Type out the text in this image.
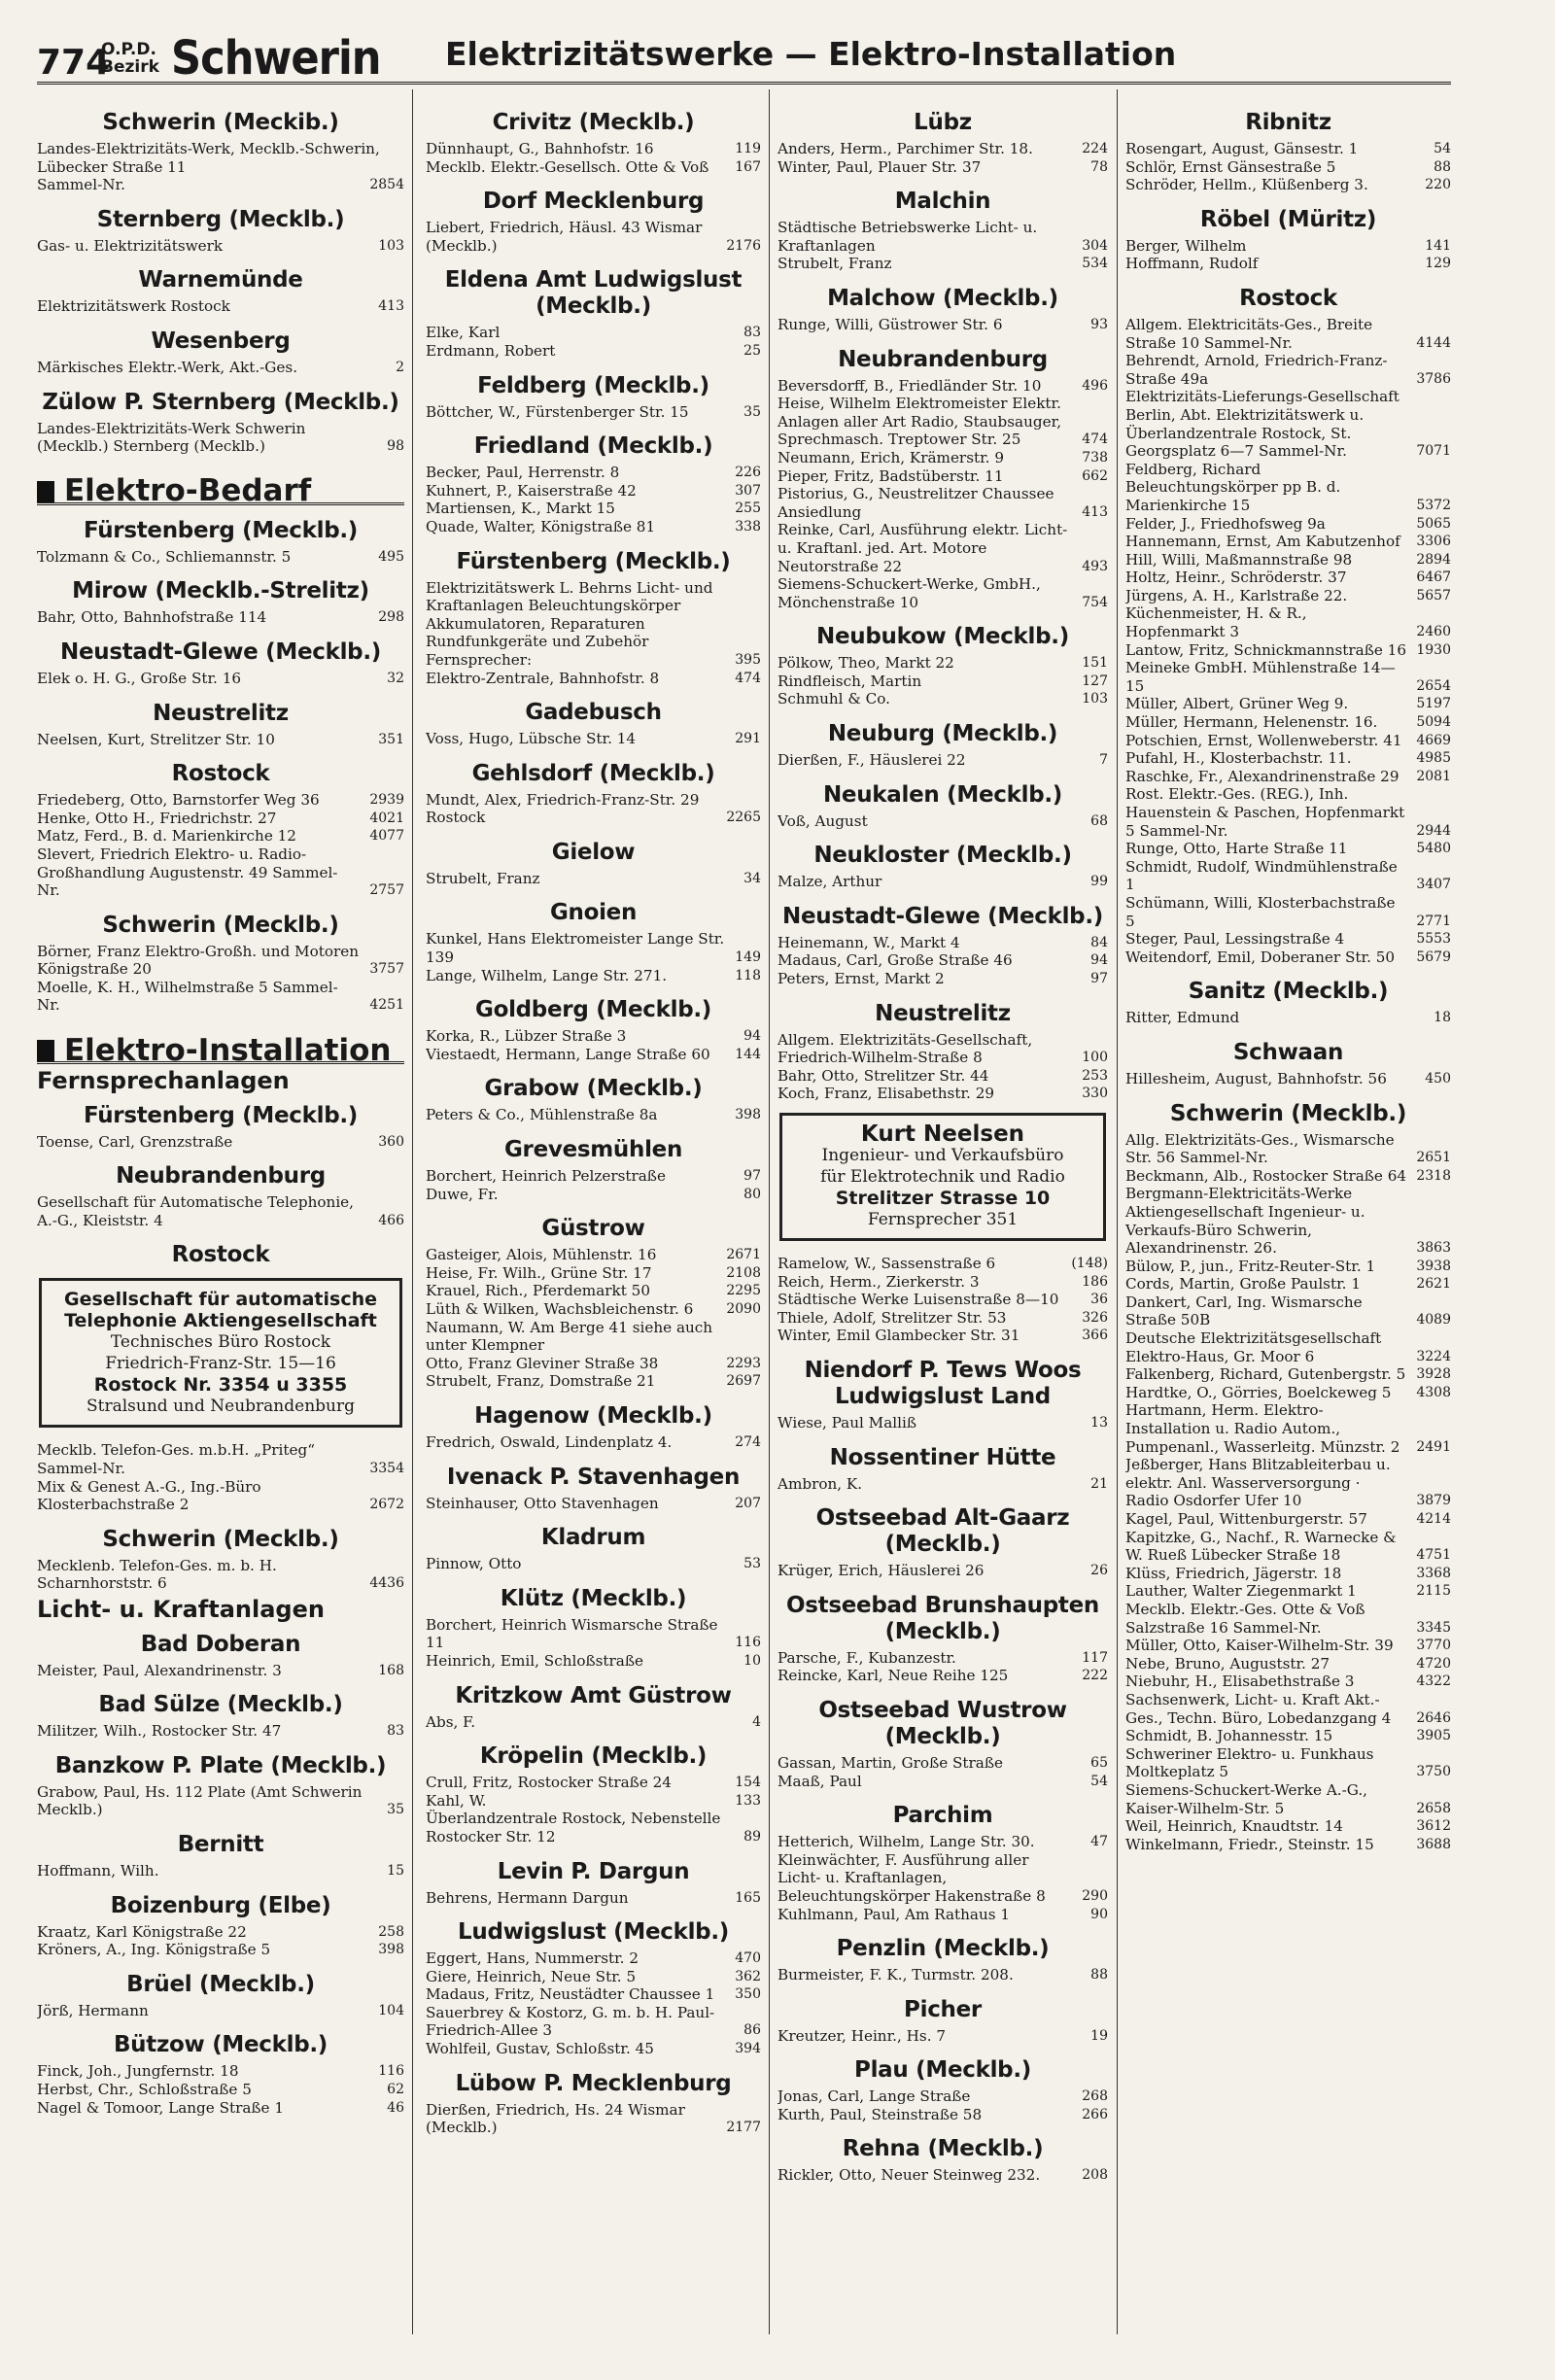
774
O.P.D.
Bezirk Schwerin Elektrizitätswerke — Elektro-Installation
Schwerin (Meckib.)
Landes-Elektrizitäts-Werk, Mecklb.-Schwerin, Lübecker Straße 11
Sammel-Nr.	2854
Sternberg (Mecklb.)
Gas- u. Elektrizitätswerk	103
Warnemünde
Elektrizitätswerk Rostock	413
Wesenberg
Märkisches Elektr.-Werk, Akt.-Ges.	2
Zülow P. Sternberg (Mecklb.)
Landes-Elektrizitäts-Werk Schwerin (Mecklb.) Sternberg (Mecklb.)	98
Elektro-Bedarf
Fürstenberg (Mecklb.)
Tolzmann & Co., Schliemannstr. 5	495
Mirow (Mecklb.-Strelitz)
Bahr, Otto, Bahnhofstraße 114	298
Neustadt-Glewe (Mecklb.)
Elek o. H. G., Große Str. 16	32
Neustrelitz
Neelsen, Kurt, Strelitzer Str. 10	351
Rostock
Friedeberg, Otto, Barnstorfer Weg 36	2939
Henke, Otto H., Friedrichstr. 27	4021
Matz, Ferd., B. d. Marienkirche 12	4077
Slevert, Friedrich Elektro- u. Radio-Großhandlung Augustenstr. 49 Sammel-Nr.	2757
Schwerin (Mecklb.)
Börner, Franz Elektro-Großh. und Motoren Königstraße 20	3757
Moelle, K. H., Wilhelmstraße 5 Sammel-Nr.	4251
Elektro-Installation
Fernsprechanlagen
Fürstenberg (Mecklb.)
Toense, Carl, Grenzstraße	360
Neubrandenburg
Gesellschaft für Automatische Telephonie, A.-G., Kleiststr. 4	466
Rostock
Gesellschaft für automatische
Telephonie Aktiengesellschaft
Technisches Büro Rostock
Friedrich-Franz-Str. 15—16
Rostock Nr. 3354 u 3355
Stralsund und Neubrandenburg
Mecklb. Telefon-Ges. m.b.H. „Priteg“ Sammel-Nr.	3354
Mix & Genest A.-G., Ing.-Büro Klosterbachstraße 2	2672
Schwerin (Mecklb.)
Mecklenb. Telefon-Ges. m. b. H. Scharnhorststr. 6	4436
Licht- u. Kraftanlagen
Bad Doberan
Meister, Paul, Alexandrinenstr. 3	168
Bad Sülze (Mecklb.)
Militzer, Wilh., Rostocker Str. 47	83
Banzkow P. Plate (Mecklb.)
Grabow, Paul, Hs. 112 Plate (Amt Schwerin Mecklb.)	35
Bernitt
Hoffmann, Wilh.	15
Boizenburg (Elbe)
Kraatz, Karl Königstraße 22	258
Kröners, A., Ing. Königstraße 5	398
Brüel (Mecklb.)
Jörß, Hermann	104
Bützow (Mecklb.)
Finck, Joh., Jungfernstr. 18	116
Herbst, Chr., Schloßstraße 5	62
Nagel & Tomoor, Lange Straße 1	46
Crivitz (Mecklb.)
Dünnhaupt, G., Bahnhofstr. 16	119
Mecklb. Elektr.-Gesellsch. Otte & Voß	167
Dorf Mecklenburg
Liebert, Friedrich, Häusl. 43 Wismar (Mecklb.)	2176
Eldena Amt Ludwigslust (Mecklb.)
Elke, Karl	83
Erdmann, Robert	25
Feldberg (Mecklb.)
Böttcher, W., Fürstenberger Str. 15	35
Friedland (Mecklb.)
Becker, Paul, Herrenstr. 8	226
Kuhnert, P., Kaiserstraße 42	307
Martiensen, K., Markt 15	255
Quade, Walter, Königstraße 81	338
Fürstenberg (Mecklb.)
Elektrizitätswerk L. Behrns Licht- und Kraftanlagen Beleuchtungskörper Akkumulatoren, Reparaturen Rundfunkgeräte und Zubehör Fernsprecher:	395
Elektro-Zentrale, Bahnhofstr. 8	474
Gadebusch
Voss, Hugo, Lübsche Str. 14	291
Gehlsdorf (Mecklb.)
Mundt, Alex, Friedrich-Franz-Str. 29 Rostock	2265
Gielow
Strubelt, Franz	34
Gnoien
Kunkel, Hans Elektromeister Lange Str. 139	149
Lange, Wilhelm, Lange Str. 271.	118
Goldberg (Mecklb.)
Korka, R., Lübzer Straße 3	94
Viestaedt, Hermann, Lange Straße 60	144
Grabow (Mecklb.)
Peters & Co., Mühlenstraße 8a	398
Grevesmühlen
Borchert, Heinrich Pelzerstraße	97
Duwe, Fr.	80
Güstrow
Gasteiger, Alois, Mühlenstr. 16	2671
Heise, Fr. Wilh., Grüne Str. 17	2108
Krauel, Rich., Pferdemarkt 50	2295
Lüth & Wilken, Wachsbleichenstr. 6	2090
Naumann, W. Am Berge 41 siehe auch unter Klempner
Otto, Franz Gleviner Straße 38	2293
Strubelt, Franz, Domstraße 21	2697
Hagenow (Mecklb.)
Fredrich, Oswald, Lindenplatz 4.	274
Ivenack P. Stavenhagen
Steinhauser, Otto Stavenhagen	207
Kladrum
Pinnow, Otto	53
Klütz (Mecklb.)
Borchert, Heinrich Wismarsche Straße 11	116
Heinrich, Emil, Schloßstraße	10
Kritzkow Amt Güstrow
Abs, F.	4
Kröpelin (Mecklb.)
Crull, Fritz, Rostocker Straße 24	154
Kahl, W.	133
Überlandzentrale Rostock, Nebenstelle Rostocker Str. 12	89
Levin P. Dargun
Behrens, Hermann Dargun	165
Ludwigslust (Mecklb.)
Eggert, Hans, Nummerstr. 2	470
Giere, Heinrich, Neue Str. 5	362
Madaus, Fritz, Neustädter Chaussee 1	350
Sauerbrey & Kostorz, G. m. b. H. Paul-Friedrich-Allee 3	86
Wohlfeil, Gustav, Schloßstr. 45	394
Lübow P. Mecklenburg
Dierßen, Friedrich, Hs. 24 Wismar (Mecklb.)	2177
Lübz
Anders, Herm., Parchimer Str. 18.	224
Winter, Paul, Plauer Str. 37	78
Malchin
Städtische Betriebswerke Licht- u. Kraftanlagen	304
Strubelt, Franz	534
Malchow (Mecklb.)
Runge, Willi, Güstrower Str. 6	93
Neubrandenburg
Beversdorff, B., Friedländer Str. 10	496
Heise, Wilhelm Elektromeister Elektr. Anlagen aller Art Radio, Staubsauger, Sprechmasch. Treptower Str. 25	474
Neumann, Erich, Krämerstr. 9	738
Pieper, Fritz, Badstüberstr. 11	662
Pistorius, G., Neustrelitzer Chaussee Ansiedlung	413
Reinke, Carl, Ausführung elektr. Licht- u. Kraftanl. jed. Art. Motore Neutorstraße 22	493
Siemens-Schuckert-Werke, GmbH., Mönchenstraße 10	754
Neubukow (Mecklb.)
Pölkow, Theo, Markt 22	151
Rindfleisch, Martin	127
Schmuhl & Co.	103
Neuburg (Mecklb.)
Dierßen, F., Häuslerei 22	7
Neukalen (Mecklb.)
Voß, August	68
Neukloster (Mecklb.)
Malze, Arthur	99
Neustadt-Glewe (Mecklb.)
Heinemann, W., Markt 4	84
Madaus, Carl, Große Straße 46	94
Peters, Ernst, Markt 2	97
Neustrelitz
Allgem. Elektrizitäts-Gesellschaft, Friedrich-Wilhelm-Straße 8	100
Bahr, Otto, Strelitzer Str. 44	253
Koch, Franz, Elisabethstr. 29	330
Kurt Neelsen
Ingenieur- und Verkaufsbüro
für Elektrotechnik und Radio
Strelitzer Strasse 10
Fernsprecher 351
Ramelow, W., Sassenstraße 6	(148)
Reich, Herm., Zierkerstr. 3	186
Städtische Werke Luisenstraße 8—10	36
Thiele, Adolf, Strelitzer Str. 53	326
Winter, Emil Glambecker Str. 31	366
Niendorf P. Tews Woos Ludwigslust Land
Wiese, Paul Malliß	13
Nossentiner Hütte
Ambron, K.	21
Ostseebad Alt-Gaarz (Mecklb.)
Krüger, Erich, Häuslerei 26	26
Ostseebad Brunshaupten (Mecklb.)
Parsche, F., Kubanzestr.	117
Reincke, Karl, Neue Reihe 125	222
Ostseebad Wustrow (Mecklb.)
Gassan, Martin, Große Straße	65
Maaß, Paul	54
Parchim
Hetterich, Wilhelm, Lange Str. 30.	47
Kleinwächter, F. Ausführung aller Licht- u. Kraftanlagen, Beleuchtungskörper Hakenstraße 8	290
Kuhlmann, Paul, Am Rathaus 1	90
Penzlin (Mecklb.)
Burmeister, F. K., Turmstr. 208.	88
Picher
Kreutzer, Heinr., Hs. 7	19
Plau (Mecklb.)
Jonas, Carl, Lange Straße	268
Kurth, Paul, Steinstraße 58	266
Rehna (Mecklb.)
Rickler, Otto, Neuer Steinweg 232.	208
Ribnitz
Rosengart, August, Gänsestr. 1	54
Schlör, Ernst Gänsestraße 5	88
Schröder, Hellm., Klüßenberg 3.	220
Röbel (Müritz)
Berger, Wilhelm	141
Hoffmann, Rudolf	129
Rostock
Allgem. Elektricitäts-Ges., Breite Straße 10 Sammel-Nr.	4144
Behrendt, Arnold, Friedrich-Franz-Straße 49a	3786
Elektrizitäts-Lieferungs-Gesellschaft Berlin, Abt. Elektrizitätswerk u. Überlandzentrale Rostock, St. Georgsplatz 6—7 Sammel-Nr.	7071
Feldberg, Richard Beleuchtungskörper pp B. d. Marienkirche 15	5372
Felder, J., Friedhofsweg 9a	5065
Hannemann, Ernst, Am Kabutzenhof	3306
Hill, Willi, Maßmannstraße 98	2894
Holtz, Heinr., Schröderstr. 37	6467
Jürgens, A. H., Karlstraße 22.	5657
Küchenmeister, H. & R., Hopfenmarkt 3	2460
Lantow, Fritz, Schnickmannstraße 16 1930
Meineke GmbH. Mühlenstraße 14—15	2654
Müller, Albert, Grüner Weg 9.	5197
Müller, Hermann, Helenenstr. 16.	5094
Potschien, Ernst, Wollenweberstr. 41	4669
Pufahl, H., Klosterbachstr. 11.	4985
Raschke, Fr., Alexandrinenstraße 29	2081
Rost. Elektr.-Ges. (REG.), Inh. Hauenstein & Paschen, Hopfenmarkt 5 Sammel-Nr.	2944
Runge, Otto, Harte Straße 11	5480
Schmidt, Rudolf, Windmühlenstraße 1	3407
Schümann, Willi, Klosterbachstraße 5	2771
Steger, Paul, Lessingstraße 4	5553
Weitendorf, Emil, Doberaner Str. 50	5679
Sanitz (Mecklb.)
Ritter, Edmund	18
Schwaan
Hillesheim, August, Bahnhofstr. 56	450
Schwerin (Mecklb.)
Allg. Elektrizitäts-Ges., Wismarsche Str. 56 Sammel-Nr.	2651
Beckmann, Alb., Rostocker Straße 64 2318
Bergmann-Elektricitäts-Werke Aktiengesellschaft Ingenieur- u. Verkaufs-Büro Schwerin, Alexandrinenstr. 26.	3863
Bülow, P., jun., Fritz-Reuter-Str. 1	3938
Cords, Martin, Große Paulstr. 1	2621
Dankert, Carl, Ing. Wismarsche Straße 50B	4089
Deutsche Elektrizitätsgesellschaft Elektro-Haus, Gr. Moor 6	3224
Falkenberg, Richard, Gutenbergstr. 5 3928
Hardtke, O., Görries, Boelckeweg 5	4308
Hartmann, Herm. Elektro-Installation u. Radio Autom., Pumpenanl., Wasserleitg. Münzstr. 2	2491
Jeßberger, Hans Blitzableiterbau u. elektr. Anl. Wasserversorgung · Radio Osdorfer Ufer 10	3879
Kagel, Paul, Wittenburgerstr. 57	4214
Kapitzke, G., Nachf., R. Warnecke & W. Rueß Lübecker Straße 18	4751
Klüss, Friedrich, Jägerstr. 18	3368
Lauther, Walter Ziegenmarkt 1	2115
Mecklb. Elektr.-Ges. Otte & Voß Salzstraße 16 Sammel-Nr.	3345
Müller, Otto, Kaiser-Wilhelm-Str. 39	3770
Nebe, Bruno, Auguststr. 27	4720
Niebuhr, H., Elisabethstraße 3	4322
Sachsenwerk, Licht- u. Kraft Akt.-Ges., Techn. Büro, Lobedanzgang 4	2646
Schmidt, B. Johannesstr. 15	3905
Schweriner Elektro- u. Funkhaus Moltkeplatz 5	3750
Siemens-Schuckert-Werke A.-G., Kaiser-Wilhelm-Str. 5	2658
Weil, Heinrich, Knaudtstr. 14	3612
Winkelmann, Friedr., Steinstr. 15	3688
